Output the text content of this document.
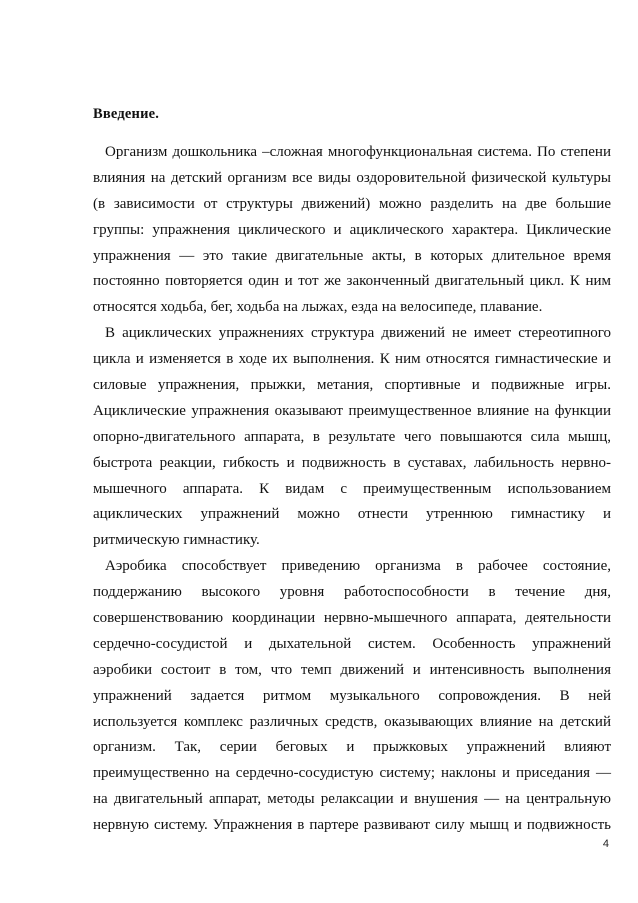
Введение.
Организм дошкольника –сложная многофункциональная система. По степени
влияния на детский организм все виды оздоровительной физической культуры
(в зависимости от структуры движений) можно разделить на две большие
группы: упражнения циклического и ациклического характера. Циклические
упражнения — это такие двигательные акты, в которых длительное время
постоянно повторяется один и тот же законченный двигательный цикл. К ним
относятся ходьба, бег, ходьба на лыжах, езда на велосипеде, плавание.
В ациклических упражнениях структура движений не имеет стереотипного
цикла и изменяется в ходе их выполнения. К ним относятся гимнастические и
силовые упражнения, прыжки, метания, спортивные и подвижные игры.
Ациклические упражнения оказывают преимущественное влияние на функции
опорно-двигательного аппарата, в результате чего повышаются сила мышц,
быстрота реакции, гибкость и подвижность в суставах, лабильность нервно-
мышечного аппарата. К видам с преимущественным использованием
ациклических упражнений можно отнести утреннюю гимнастику и
ритмическую гимнастику.
Аэробика способствует приведению организма в рабочее состояние,
поддержанию высокого уровня работоспособности в течение дня,
совершенствованию координации нервно-мышечного аппарата, деятельности
сердечно-сосудистой и дыхательной систем. Особенность упражнений
аэробики состоит в том, что темп движений и интенсивность выполнения
упражнений задается ритмом музыкального сопровождения. В ней
используется комплекс различных средств, оказывающих влияние на детский
организм. Так, серии беговых и прыжковых упражнений влияют
преимущественно на сердечно-сосудистую систему; наклоны и приседания —
на двигательный аппарат, методы релаксации и внушения — на центральную
нервную систему. Упражнения в партере развивают силу мышц и подвижность
4
